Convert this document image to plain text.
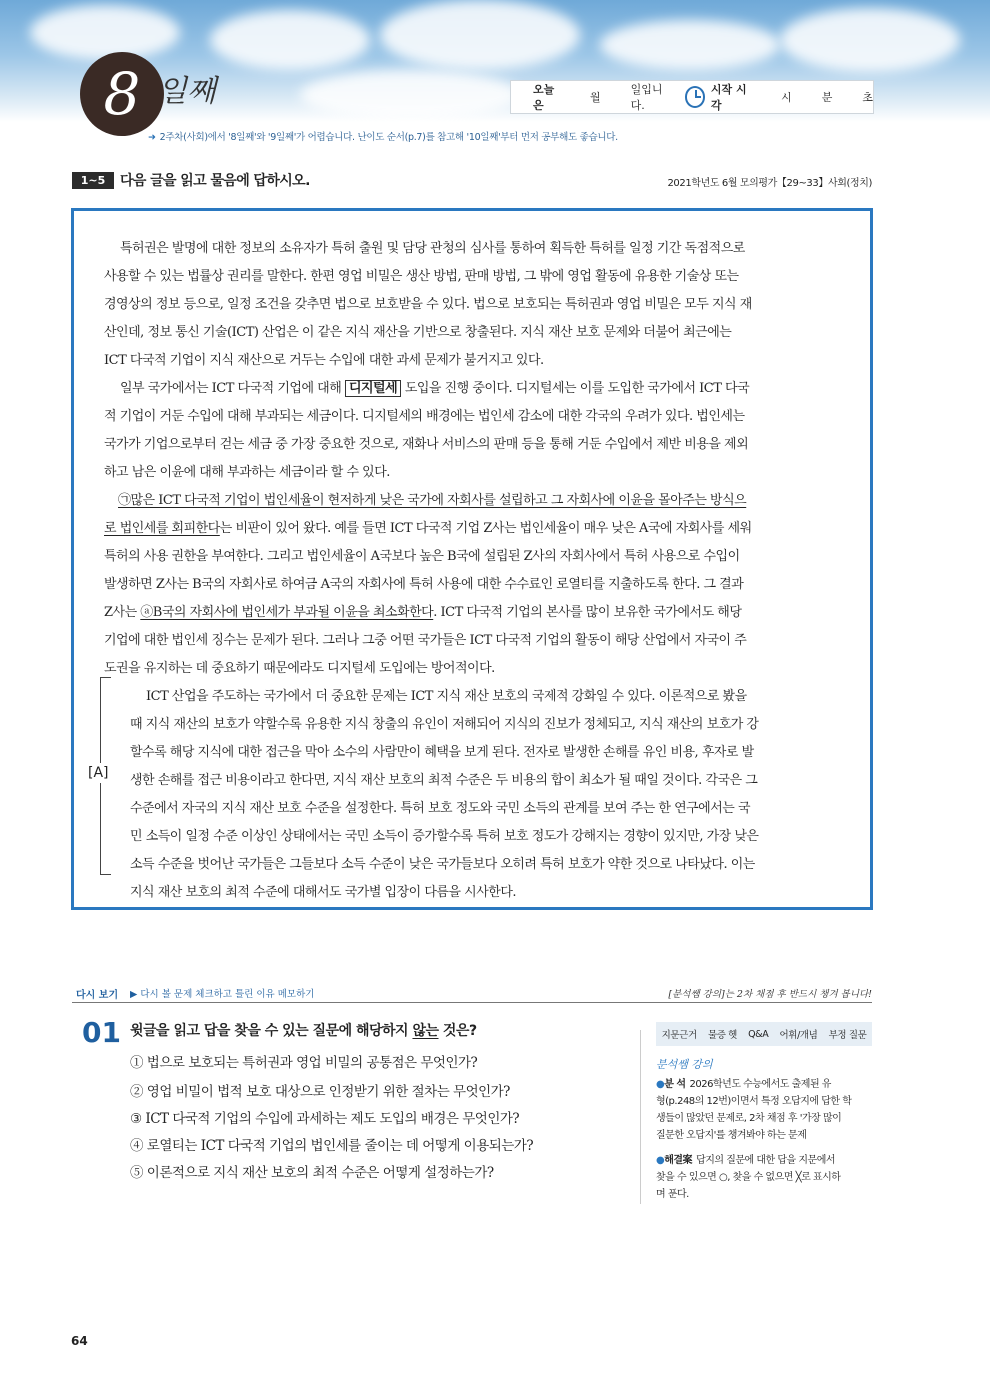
8 일째	오늘은
월
일입니다.
시작 시각
시	분	초
➜ 2주차(사회)에서 '8일째'와 '9일째'가 어렵습니다. 난이도 순서(p.7)를 참고해 '10일째'부터 먼저 공부해도 좋습니다.
1~5	다음 글을 읽고 물음에 답하시오.	2021학년도 6월 모의평가【29~33】사회(정치)
특허권은 발명에 대한 정보의 소유자가 특허 출원 및 담당 관청의 심사를 통하여 획득한 특허를 일정 기간 독점적으로
사용할 수 있는 법률상 권리를 말한다. 한편 영업 비밀은 생산 방법, 판매 방법, 그 밖에 영업 활동에 유용한 기술상 또는
경영상의 정보 등으로, 일정 조건을 갖추면 법으로 보호받을 수 있다. 법으로 보호되는 특허권과 영업 비밀은 모두 지식 재
산인데, 정보 통신 기술(ICT) 산업은 이 같은 지식 재산을 기반으로 창출된다. 지식 재산 보호 문제와 더불어 최근에는
ICT 다국적 기업이 지식 재산으로 거두는 수입에 대한 과세 문제가 불거지고 있다.
일부 국가에서는 ICT 다국적 기업에 대해 디지털세 도입을 진행 중이다. 디지털세는 이를 도입한 국가에서 ICT 다국
적 기업이 거둔 수입에 대해 부과되는 세금이다. 디지털세의 배경에는 법인세 감소에 대한 각국의 우려가 있다. 법인세는
국가가 기업으로부터 걷는 세금 중 가장 중요한 것으로, 재화나 서비스의 판매 등을 통해 거둔 수입에서 제반 비용을 제외
하고 남은 이윤에 대해 부과하는 세금이라 할 수 있다.
㉠많은 ICT 다국적 기업이 법인세율이 현저하게 낮은 국가에 자회사를 설립하고 그 자회사에 이윤을 몰아주는 방식으
로 법인세를 회피한다는 비판이 있어 왔다. 예를 들면 ICT 다국적 기업 Z사는 법인세율이 매우 낮은 A국에 자회사를 세워
특허의 사용 권한을 부여한다. 그리고 법인세율이 A국보다 높은 B국에 설립된 Z사의 자회사에서 특허 사용으로 수입이
발생하면 Z사는 B국의 자회사로 하여금 A국의 자회사에 특허 사용에 대한 수수료인 로열티를 지출하도록 한다. 그 결과
Z사는 ⓐB국의 자회사에 법인세가 부과될 이윤을 최소화한다. ICT 다국적 기업의 본사를 많이 보유한 국가에서도 해당
기업에 대한 법인세 징수는 문제가 된다. 그러나 그중 어떤 국가들은 ICT 다국적 기업의 활동이 해당 산업에서 자국이 주
도권을 유지하는 데 중요하기 때문에라도 디지털세 도입에는 방어적이다.
[A]
ICT 산업을 주도하는 국가에서 더 중요한 문제는 ICT 지식 재산 보호의 국제적 강화일 수 있다. 이론적으로 봤을
때 지식 재산의 보호가 약할수록 유용한 지식 창출의 유인이 저해되어 지식의 진보가 정체되고, 지식 재산의 보호가 강
할수록 해당 지식에 대한 접근을 막아 소수의 사람만이 혜택을 보게 된다. 전자로 발생한 손해를 유인 비용, 후자로 발
생한 손해를 접근 비용이라고 한다면, 지식 재산 보호의 최적 수준은 두 비용의 합이 최소가 될 때일 것이다. 각국은 그
수준에서 자국의 지식 재산 보호 수준을 설정한다. 특허 보호 정도와 국민 소득의 관계를 보여 주는 한 연구에서는 국
민 소득이 일정 수준 이상인 상태에서는 국민 소득이 증가할수록 특허 보호 정도가 강해지는 경향이 있지만, 가장 낮은
소득 수준을 벗어난 국가들은 그들보다 소득 수준이 낮은 국가들보다 오히려 특허 보호가 약한 것으로 나타났다. 이는
지식 재산 보호의 최적 수준에 대해서도 국가별 입장이 다름을 시사한다.
다시 보기 ▶ 다시 볼 문제 체크하고 틀린 이유 메모하기	[분석쌤 강의]는 2차 채점 후 반드시 챙겨 봅니다!
01 윗글을 읽고 답을 찾을 수 있는 질문에 해당하지 않는 것은?
① 법으로 보호되는 특허권과 영업 비밀의 공통점은 무엇인가?
② 영업 비밀이 법적 보호 대상으로 인정받기 위한 절차는 무엇인가?
③ ICT 다국적 기업의 수입에 과세하는 제도 도입의 배경은 무엇인가?
④ 로열티는 ICT 다국적 기업의 법인세를 줄이는 데 어떻게 이용되는가?
⑤ 이론적으로 지식 재산 보호의 최적 수준은 어떻게 설정하는가?
지문근거 물증 헷 Q&A 어휘/개념 부정 질문
분석쌤 강의
●분 석 2026학년도 수능에서도 출제된 유
형(p.248의 12번)이면서 특정 오답지에 답한 학
생들이 많았던 문제로, 2차 채점 후 '가장 많이
질문한 오답지'를 챙겨봐야 하는 문제
●해결案 답지의 질문에 대한 답을 지문에서
찾을 수 있으면 ○, 찾을 수 없으면 ╳로 표시하
며 푼다.
64
